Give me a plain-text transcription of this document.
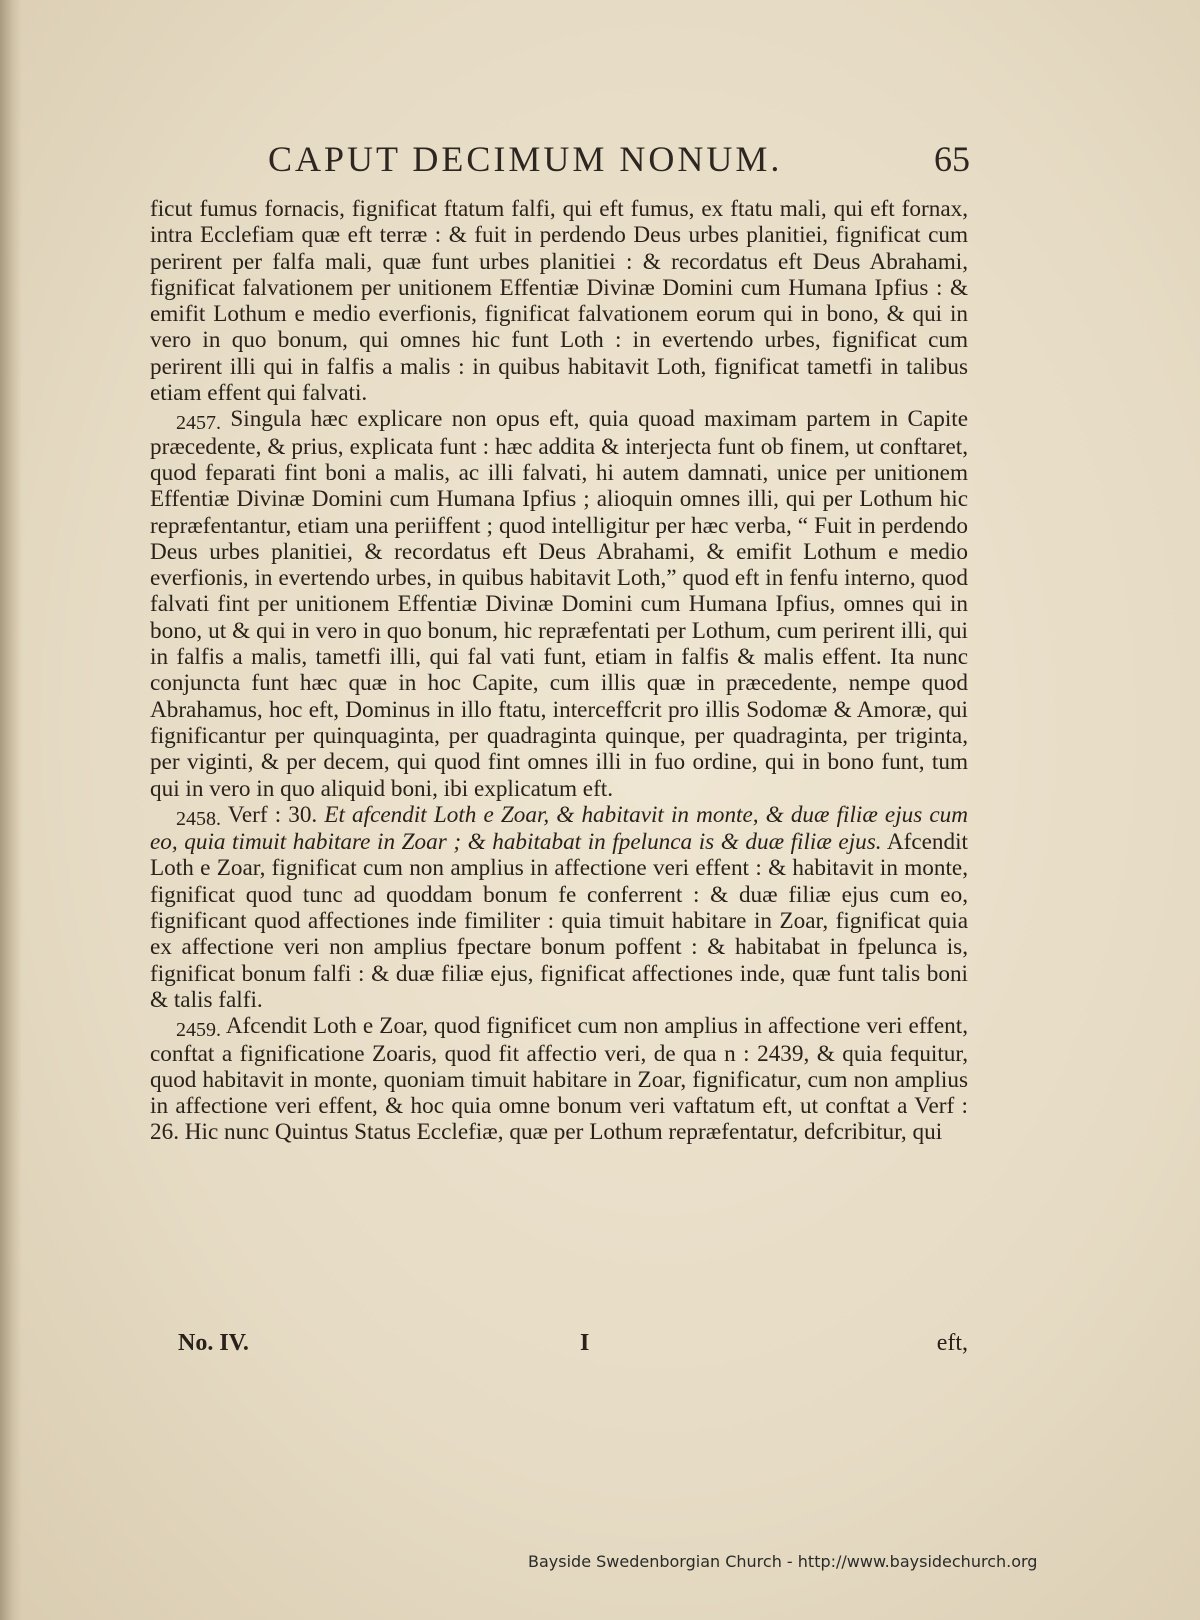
CAPUT DECIMUM NONUM.	65

ficut fumus fornacis, fignificat ftatum falfi, qui eft fumus, ex ftatu mali, qui eft fornax, intra Ecclefiam quæ eft terræ : & fuit in perdendo Deus urbes planitiei, fignificat cum perirent per falfa mali, quæ funt urbes planitiei : & recordatus eft Deus Abrahami, fignificat falvationem per unitionem Effentiæ Divinæ Domini cum Humana Ipfius : & emifit Lothum e medio everfionis, fignificat falvationem eorum qui in bono, & qui in vero in quo bonum, qui omnes hic funt Loth : in evertendo urbes, fignificat cum perirent illi qui in falfis a malis : in quibus habitavit Loth, fignificat tametfi in talibus etiam effent qui falvati.

2457. Singula hæc explicare non opus eft, quia quoad maximam partem in Capite præcedente, & prius, explicata funt : hæc addita & interjecta funt ob finem, ut conftaret, quod feparati fint boni a malis, ac illi falvati, hi autem damnati, unice per unitionem Effentiæ Divinæ Domini cum Humana Ipfius ; alioquin omnes illi, qui per Lothum hic repræfentantur, etiam una periiffent ; quod intelligitur per hæc verba, “ Fuit in perdendo Deus urbes planitiei, & recordatus eft Deus Abrahami, & emifit Lothum e medio everfionis, in evertendo urbes, in quibus habitavit Loth,” quod eft in fenfu interno, quod falvati fint per unitionem Effentiæ Divinæ Domini cum Humana Ipfius, omnes qui in bono, ut & qui in vero in quo bonum, hic repræfentati per Lothum, cum perirent illi, qui in falfis a malis, tametfi illi, qui fal vati funt, etiam in falfis & malis effent. Ita nunc conjuncta funt hæc quæ in hoc Capite, cum illis quæ in præcedente, nempe quod Abrahamus, hoc eft, Dominus in illo ftatu, interceffcrit pro illis Sodomæ & Amoræ, qui fignificantur per quinquaginta, per quadraginta quinque, per quadraginta, per triginta, per viginti, & per decem, qui quod fint omnes illi in fuo ordine, qui in bono funt, tum qui in vero in quo aliquid boni, ibi explicatum eft.

2458. Verf : 30. Et afcendit Loth e Zoar, & habitavit in monte, & duæ filiæ ejus cum eo, quia timuit habitare in Zoar ; & habitabat in fpelunca is & duæ filiæ ejus. Afcendit Loth e Zoar, fignificat cum non amplius in affectione veri effent : & habitavit in monte, fignificat quod tunc ad quoddam bonum fe conferrent : & duæ filiæ ejus cum eo, fignificant quod affectiones inde fimiliter : quia timuit habitare in Zoar, fignificat quia ex affectione veri non amplius fpectare bonum poffent : & habitabat in fpelunca is, fignificat bonum falfi : & duæ filiæ ejus, fignificat affectiones inde, quæ funt talis boni & talis falfi.

2459. Afcendit Loth e Zoar, quod fignificet cum non amplius in affectione veri effent, conftat a fignificatione Zoaris, quod fit affectio veri, de qua n : 2439, & quia fequitur, quod habitavit in monte, quoniam timuit habitare in Zoar, fignificatur, cum non amplius in affectione veri effent, & hoc quia omne bonum veri vaftatum eft, ut conftat a Verf : 26. Hic nunc Quintus Status Ecclefiæ, quæ per Lothum repræfentatur, defcribitur, qui

No. IV.	I	eft,
Bayside Swedenborgian Church - http://www.baysidechurch.org
